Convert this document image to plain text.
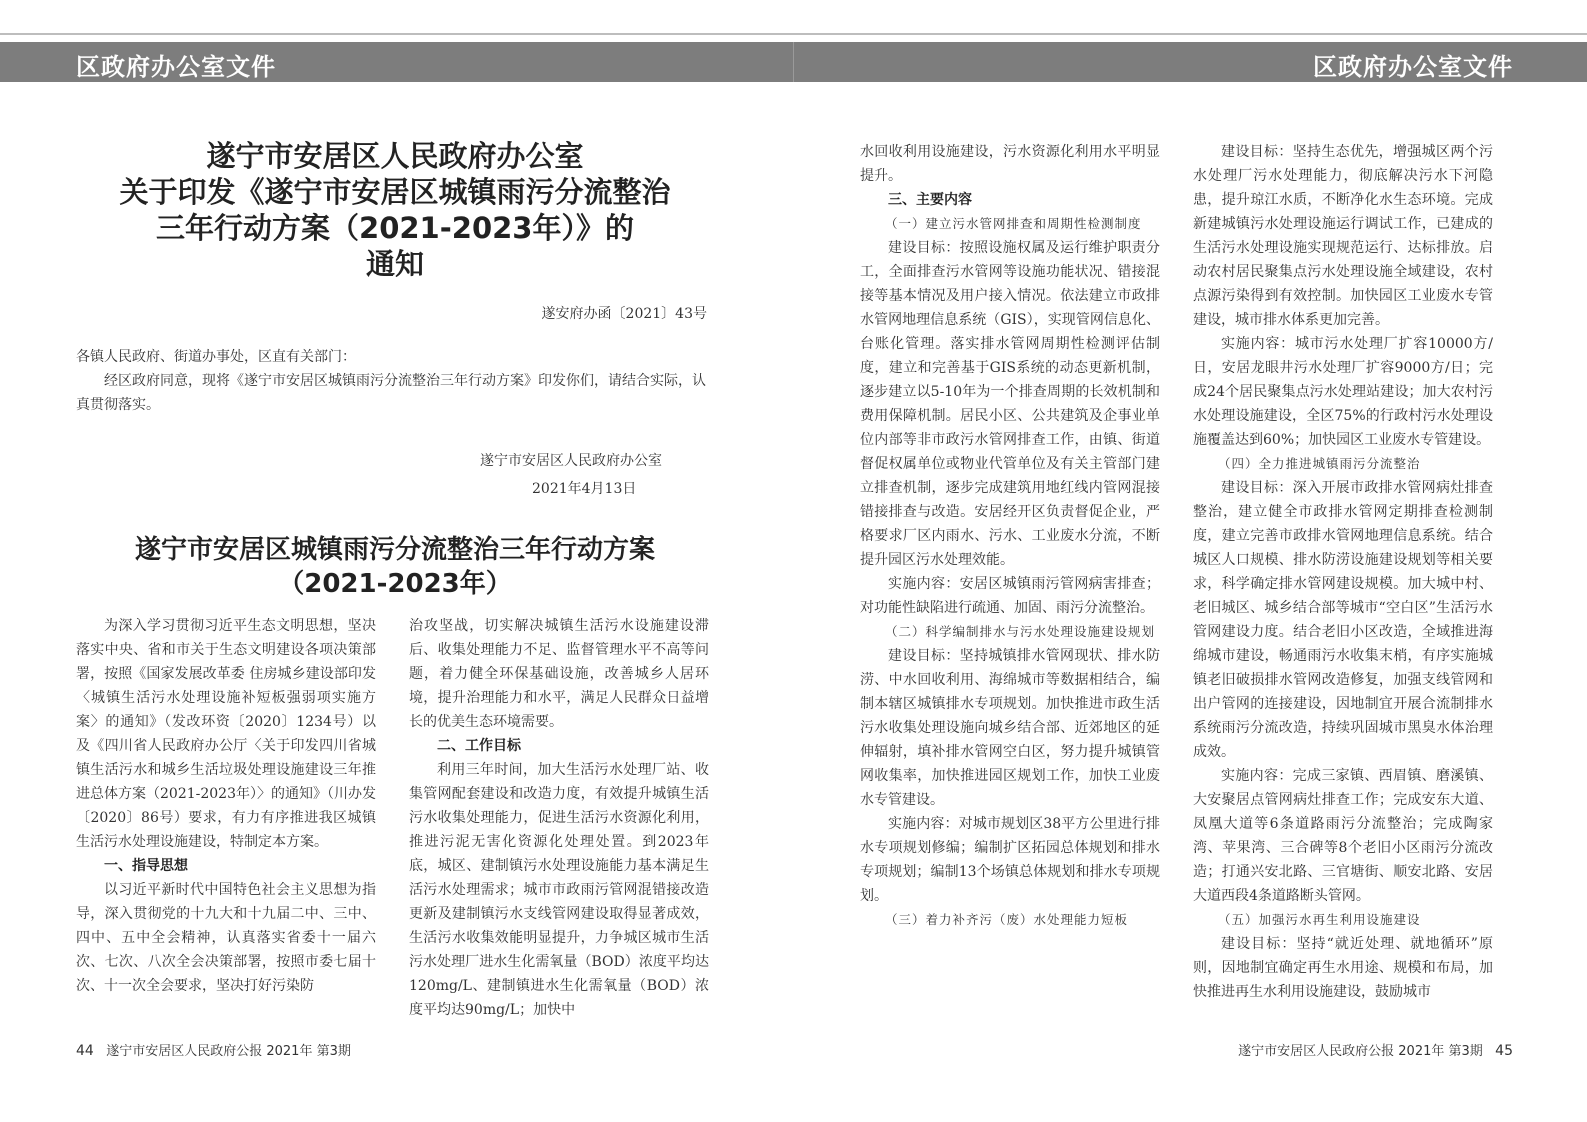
区政府办公室文件	区政府办公室文件
遂宁市安居区人民政府办公室
关于印发《遂宁市安居区城镇雨污分流整治
三年行动方案（2021-2023年）》的
通知
遂安府办函〔2021〕43号
各镇人民政府、街道办事处，区直有关部门：
经区政府同意，现将《遂宁市安居区城镇雨污分流整治三年行动方案》印发你们，请结合实际，认真贯彻落实。
遂宁市安居区人民政府办公室
2021年4月13日
遂宁市安居区城镇雨污分流整治三年行动方案
（2021-2023年）

为深入学习贯彻习近平生态文明思想，坚决落实中央、省和市关于生态文明建设各项决策部署，按照《国家发展改革委 住房城乡建设部印发〈城镇生活污水处理设施补短板强弱项实施方案〉的通知》（发改环资〔2020〕1234号）以及《四川省人民政府办公厅〈关于印发四川省城镇生活污水和城乡生活垃圾处理设施建设三年推进总体方案（2021-2023年）〉的通知》（川办发〔2020〕86号）要求，有力有序推进我区城镇生活污水处理设施建设，特制定本方案。

一、指导思想

以习近平新时代中国特色社会主义思想为指导，深入贯彻党的十九大和十九届二中、三中、四中、五中全会精神，认真落实省委十一届六次、七次、八次全会决策部署，按照市委七届十次、十一次全会要求，坚决打好污染防

治攻坚战，切实解决城镇生活污水设施建设滞后、收集处理能力不足、监督管理水平不高等问题，着力健全环保基础设施，改善城乡人居环境，提升治理能力和水平，满足人民群众日益增长的优美生态环境需要。

二、工作目标

利用三年时间，加大生活污水处理厂站、收集管网配套建设和改造力度，有效提升城镇生活污水收集处理能力，促进生活污水资源化利用，推进污泥无害化资源化处理处置。到2023年底，城区、建制镇污水处理设施能力基本满足生活污水处理需求；城市市政雨污管网混错接改造更新及建制镇污水支线管网建设取得显著成效，生活污水收集效能明显提升，力争城区城市生活污水处理厂进水生化需氧量（BOD）浓度平均达120mg/L、建制镇进水生化需氧量（BOD）浓度平均达90mg/L；加快中

水回收利用设施建设，污水资源化利用水平明显提升。

三、主要内容

（一）建立污水管网排查和周期性检测制度

建设目标：按照设施权属及运行维护职责分工，全面排查污水管网等设施功能状况、错接混接等基本情况及用户接入情况。依法建立市政排水管网地理信息系统（GIS），实现管网信息化、台账化管理。落实排水管网周期性检测评估制度，建立和完善基于GIS系统的动态更新机制，逐步建立以5-10年为一个排查周期的长效机制和费用保障机制。居民小区、公共建筑及企事业单位内部等非市政污水管网排查工作，由镇、街道督促权属单位或物业代管单位及有关主管部门建立排查机制，逐步完成建筑用地红线内管网混接错接排查与改造。安居经开区负责督促企业，严格要求厂区内雨水、污水、工业废水分流，不断提升园区污水处理效能。

实施内容：安居区城镇雨污管网病害排查；对功能性缺陷进行疏通、加固、雨污分流整治。

（二）科学编制排水与污水处理设施建设规划

建设目标：坚持城镇排水管网现状、排水防涝、中水回收利用、海绵城市等数据相结合，编制本辖区城镇排水专项规划。加快推进市政生活污水收集处理设施向城乡结合部、近郊地区的延伸辐射，填补排水管网空白区，努力提升城镇管网收集率，加快推进园区规划工作，加快工业废水专管建设。

实施内容：对城市规划区38平方公里进行排水专项规划修编；编制扩区拓园总体规划和排水专项规划；编制13个场镇总体规划和排水专项规划。

（三）着力补齐污（废）水处理能力短板

建设目标：坚持生态优先，增强城区两个污水处理厂污水处理能力，彻底解决污水下河隐患，提升琼江水质，不断净化水生态环境。完成新建城镇污水处理设施运行调试工作，已建成的生活污水处理设施实现规范运行、达标排放。启动农村居民聚集点污水处理设施全域建设，农村点源污染得到有效控制。加快园区工业废水专管建设，城市排水体系更加完善。

实施内容：城市污水处理厂扩容10000方/日，安居龙眼井污水处理厂扩容9000方/日；完成24个居民聚集点污水处理站建设；加大农村污水处理设施建设，全区75%的行政村污水处理设施覆盖达到60%；加快园区工业废水专管建设。

（四）全力推进城镇雨污分流整治

建设目标：深入开展市政排水管网病灶排查整治，建立健全市政排水管网定期排查检测制度，建立完善市政排水管网地理信息系统。结合城区人口规模、排水防涝设施建设规划等相关要求，科学确定排水管网建设规模。加大城中村、老旧城区、城乡结合部等城市“空白区”生活污水管网建设力度。结合老旧小区改造，全域推进海绵城市建设，畅通雨污水收集末梢，有序实施城镇老旧破损排水管网改造修复，加强支线管网和出户管网的连接建设，因地制宜开展合流制排水系统雨污分流改造，持续巩固城市黑臭水体治理成效。

实施内容：完成三家镇、西眉镇、磨溪镇、大安聚居点管网病灶排查工作；完成安东大道、凤凰大道等6条道路雨污分流整治；完成陶家湾、苹果湾、三合碑等8个老旧小区雨污分流改造；打通兴安北路、三官塘街、顺安北路、安居大道西段4条道路断头管网。

（五）加强污水再生利用设施建设

建设目标：坚持“就近处理、就地循环”原则，因地制宜确定再生水用途、规模和布局，加快推进再生水利用设施建设，鼓励城市

44 遂宁市安居区人民政府公报 2021年 第3期	遂宁市安居区人民政府公报 2021年 第3期 45
